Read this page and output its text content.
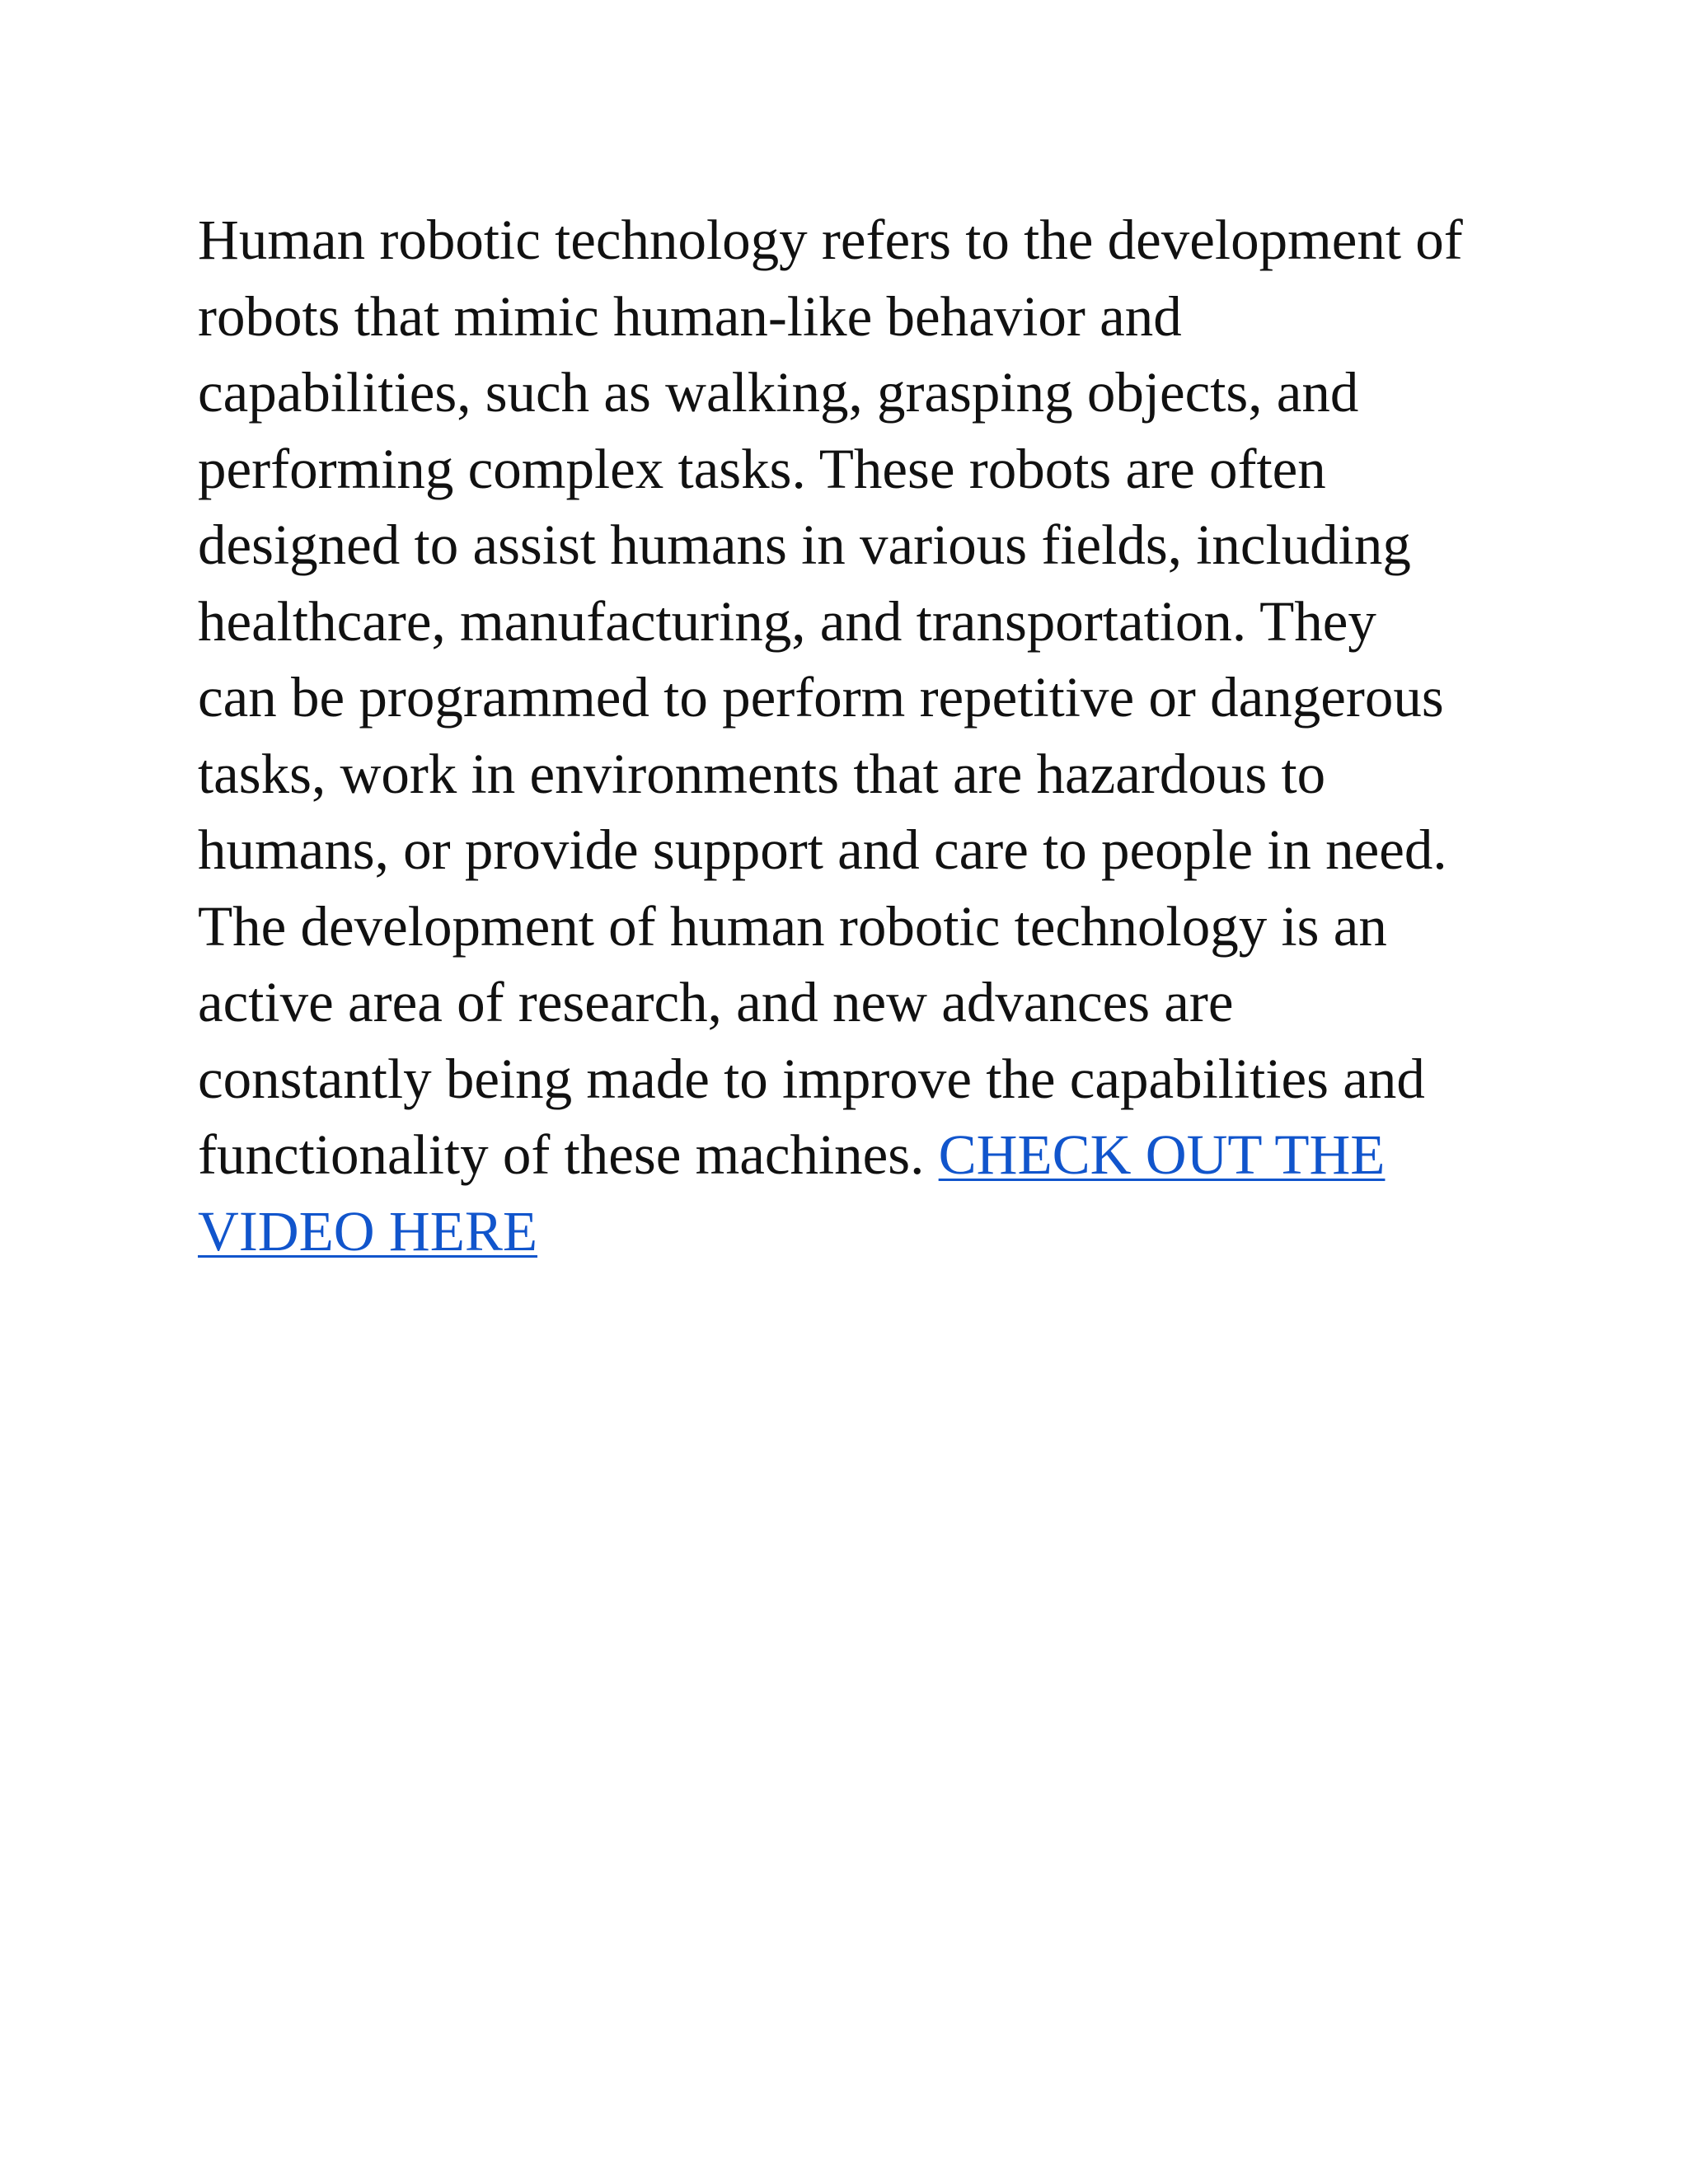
Human robotic technology refers to the development of
robots that mimic human-like behavior and
capabilities, such as walking, grasping objects, and
performing complex tasks. These robots are often
designed to assist humans in various fields, including
healthcare, manufacturing, and transportation. They
can be programmed to perform repetitive or dangerous
tasks, work in environments that are hazardous to
humans, or provide support and care to people in need.
The development of human robotic technology is an
active area of research, and new advances are
constantly being made to improve the capabilities and
functionality of these machines. CHECK OUT THE
VIDEO HERE
